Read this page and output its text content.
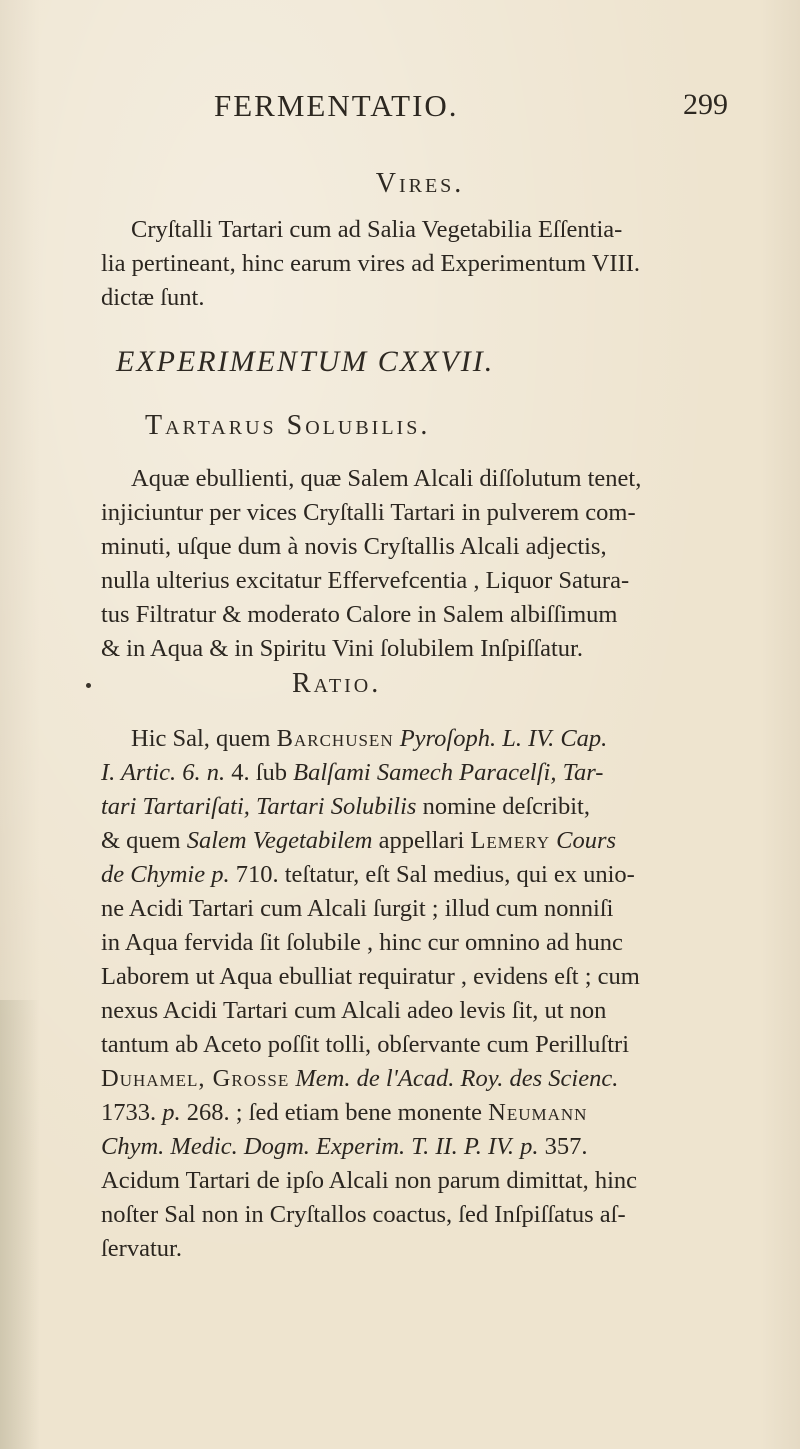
FERMENTATIO.	299
Vires.

Cryſtalli Tartari cum ad Salia Vegetabilia Eſſentia-
lia pertineant, hinc earum vires ad Experimentum VIII.
dictæ ſunt.

EXPERIMENTUM CXXVII.
Tartarus Solubilis.

Aquæ ebullienti, quæ Salem Alcali diſſolutum tenet,
injiciuntur per vices Cryſtalli Tartari in pulverem com-
minuti, uſque dum à novis Cryſtallis Alcali adjectis,
nulla ulterius excitatur Effervefcentia , Liquor Satura-
tus Filtratur & moderato Calore in Salem albiſſimum
& in Aqua & in Spiritu Vini ſolubilem Inſpiſſatur.

Ratio.

Hic Sal, quem Barchusen Pyroſoph. L. IV. Cap.
I. Artic. 6. n. 4. ſub Balſami Samech Paracelſi, Tar-
tari Tartariſati, Tartari Solubilis nomine deſcribit,
& quem Salem Vegetabilem appellari Lemery Cours
de Chymie p. 710. teſtatur, eſt Sal medius, qui ex unio-
ne Acidi Tartari cum Alcali ſurgit ; illud cum nonniſi
in Aqua fervida ſit ſolubile , hinc cur omnino ad hunc
Laborem ut Aqua ebulliat requiratur , evidens eſt ; cum
nexus Acidi Tartari cum Alcali adeo levis ſit, ut non
tantum ab Aceto poſſit tolli, obſervante cum Perilluſtri
Duhamel, Grosse Mem. de l'Acad. Roy. des Scienc.
1733. p. 268. ; ſed etiam bene monente Neumann
Chym. Medic. Dogm. Experim. T. II. P. IV. p. 357.
Acidum Tartari de ipſo Alcali non parum dimittat, hinc
noſter Sal non in Cryſtallos coactus, ſed Inſpiſſatus aſ-
ſervatur.
